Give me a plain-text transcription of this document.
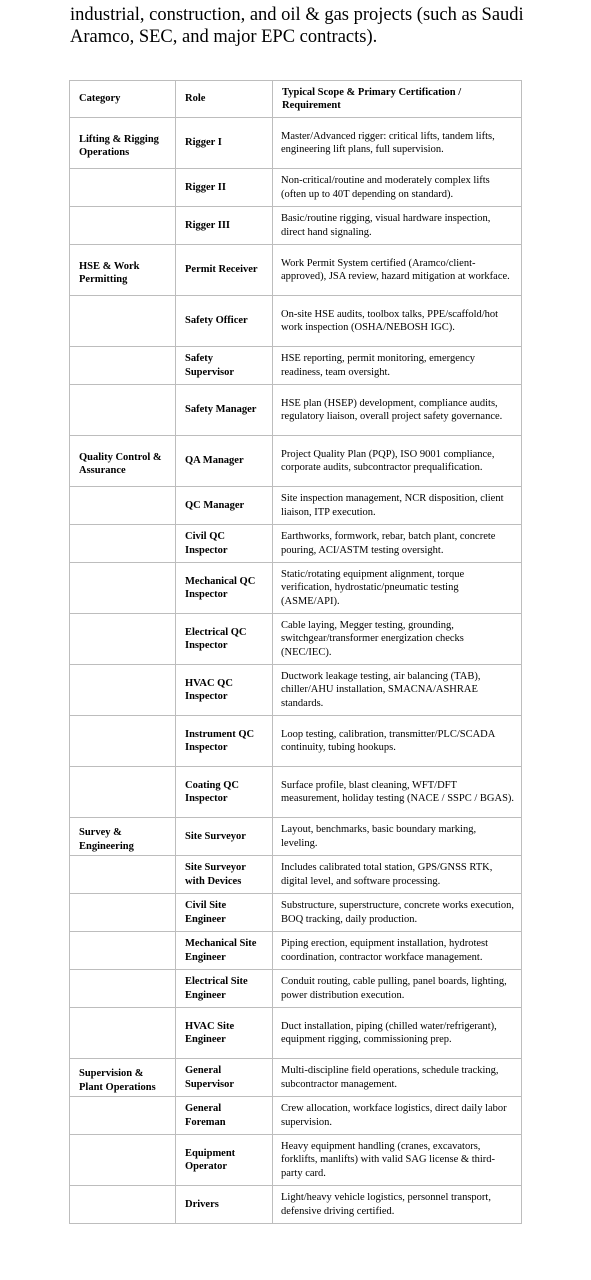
industrial, construction, and oil & gas projects (such as Saudi
Aramco, SEC, and major EPC contracts).

Category	Role	Typical Scope & Primary Certification / Requirement
Lifting & Rigging Operations	Rigger I	Master/Advanced rigger: critical lifts, tandem lifts, engineering lift plans, full supervision.
	Rigger II	Non-critical/routine and moderately complex lifts (often up to 40T depending on standard).
	Rigger III	Basic/routine rigging, visual hardware inspection, direct hand signaling.
HSE & Work Permitting	Permit Receiver	Work Permit System certified (Aramco/client-approved), JSA review, hazard mitigation at workface.
	Safety Officer	On-site HSE audits, toolbox talks, PPE/scaffold/hot work inspection (OSHA/NEBOSH IGC).
	Safety Supervisor	HSE reporting, permit monitoring, emergency readiness, team oversight.
	Safety Manager	HSE plan (HSEP) development, compliance audits, regulatory liaison, overall project safety governance.
Quality Control & Assurance	QA Manager	Project Quality Plan (PQP), ISO 9001 compliance, corporate audits, subcontractor prequalification.
	QC Manager	Site inspection management, NCR disposition, client liaison, ITP execution.
	Civil QC Inspector	Earthworks, formwork, rebar, batch plant, concrete pouring, ACI/ASTM testing oversight.
	Mechanical QC Inspector	Static/rotating equipment alignment, torque verification, hydrostatic/pneumatic testing (ASME/API).
	Electrical QC Inspector	Cable laying, Megger testing, grounding, switchgear/transformer energization checks (NEC/IEC).
	HVAC QC Inspector	Ductwork leakage testing, air balancing (TAB), chiller/AHU installation, SMACNA/ASHRAE standards.
	Instrument QC Inspector	Loop testing, calibration, transmitter/PLC/SCADA continuity, tubing hookups.
	Coating QC Inspector	Surface profile, blast cleaning, WFT/DFT measurement, holiday testing (NACE / SSPC / BGAS).
Survey & Engineering	Site Surveyor	Layout, benchmarks, basic boundary marking, leveling.
	Site Surveyor with Devices	Includes calibrated total station, GPS/GNSS RTK, digital level, and software processing.
	Civil Site Engineer	Substructure, superstructure, concrete works execution, BOQ tracking, daily production.
	Mechanical Site Engineer	Piping erection, equipment installation, hydrotest coordination, contractor workface management.
	Electrical Site Engineer	Conduit routing, cable pulling, panel boards, lighting, power distribution execution.
	HVAC Site Engineer	Duct installation, piping (chilled water/refrigerant), equipment rigging, commissioning prep.
Supervision & Plant Operations	General Supervisor	Multi-discipline field operations, schedule tracking, subcontractor management.
	General Foreman	Crew allocation, workface logistics, direct daily labor supervision.
	Equipment Operator	Heavy equipment handling (cranes, excavators, forklifts, manlifts) with valid SAG license & third-party card.
	Drivers	Light/heavy vehicle logistics, personnel transport, defensive driving certified.
